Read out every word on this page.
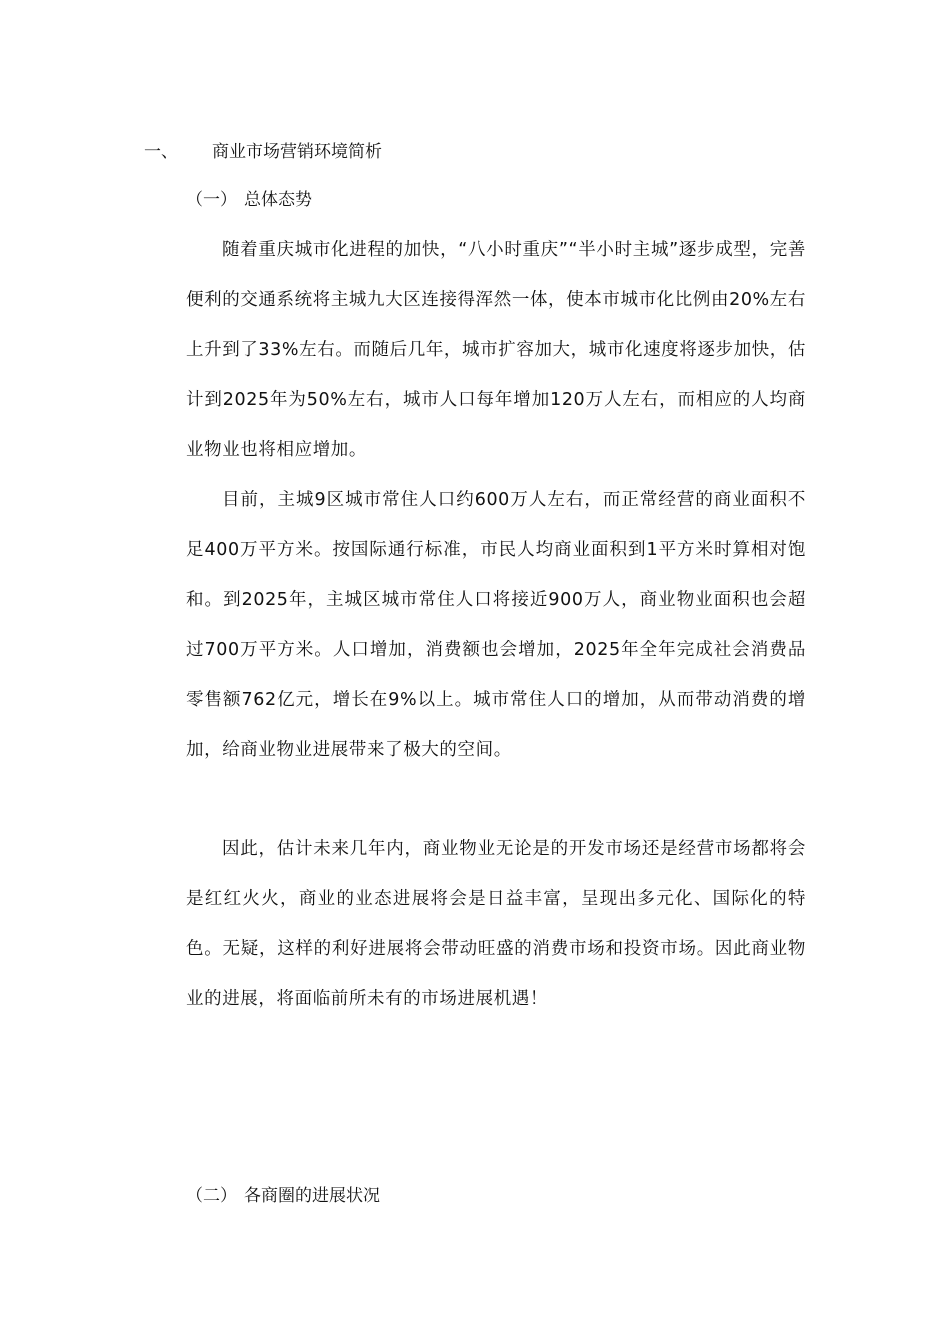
一、 商业市场营销环境简析
（一） 总体态势

随着重庆城市化进程的加快，“八小时重庆”“半小时主城”逐步成型，完善便利的交通系统将主城九大区连接得浑然一体，使本市城市化比例由20%左右上升到了33%左右。而随后几年，城市扩容加大，城市化速度将逐步加快，估计到2025年为50%左右，城市人口每年增加120万人左右，而相应的人均商业物业也将相应增加。

目前，主城9区城市常住人口约600万人左右，而正常经营的商业面积不足400万平方米。按国际通行标准，市民人均商业面积到1平方米时算相对饱和。到2025年，主城区城市常住人口将接近900万人，商业物业面积也会超过700万平方米。人口增加，消费额也会增加，2025年全年完成社会消费品零售额762亿元，增长在9%以上。城市常住人口的增加，从而带动消费的增加，给商业物业进展带来了极大的空间。

因此，估计未来几年内，商业物业无论是的开发市场还是经营市场都将会是红红火火，商业的业态进展将会是日益丰富，呈现出多元化、国际化的特色。无疑，这样的利好进展将会带动旺盛的消费市场和投资市场。因此商业物业的进展，将面临前所未有的市场进展机遇！

（二） 各商圈的进展状况
